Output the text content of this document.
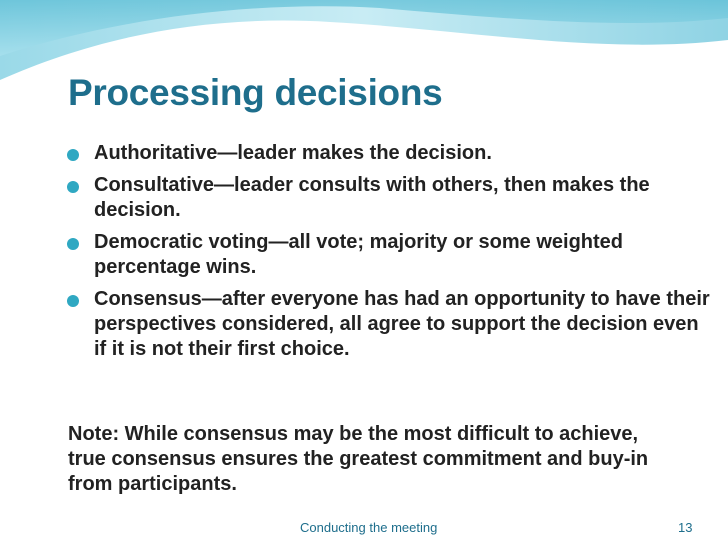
Processing decisions
Authoritative—leader makes the decision.
Consultative—leader consults with others, then makes the decision.
Democratic voting—all vote; majority or some weighted percentage wins.
Consensus—after everyone has had an opportunity to have their perspectives considered, all agree to support the decision even if it is not their first choice.

Note: While consensus may be the most difficult to achieve, true consensus ensures the greatest commitment and buy-in from participants.

Conducting the meeting	13
